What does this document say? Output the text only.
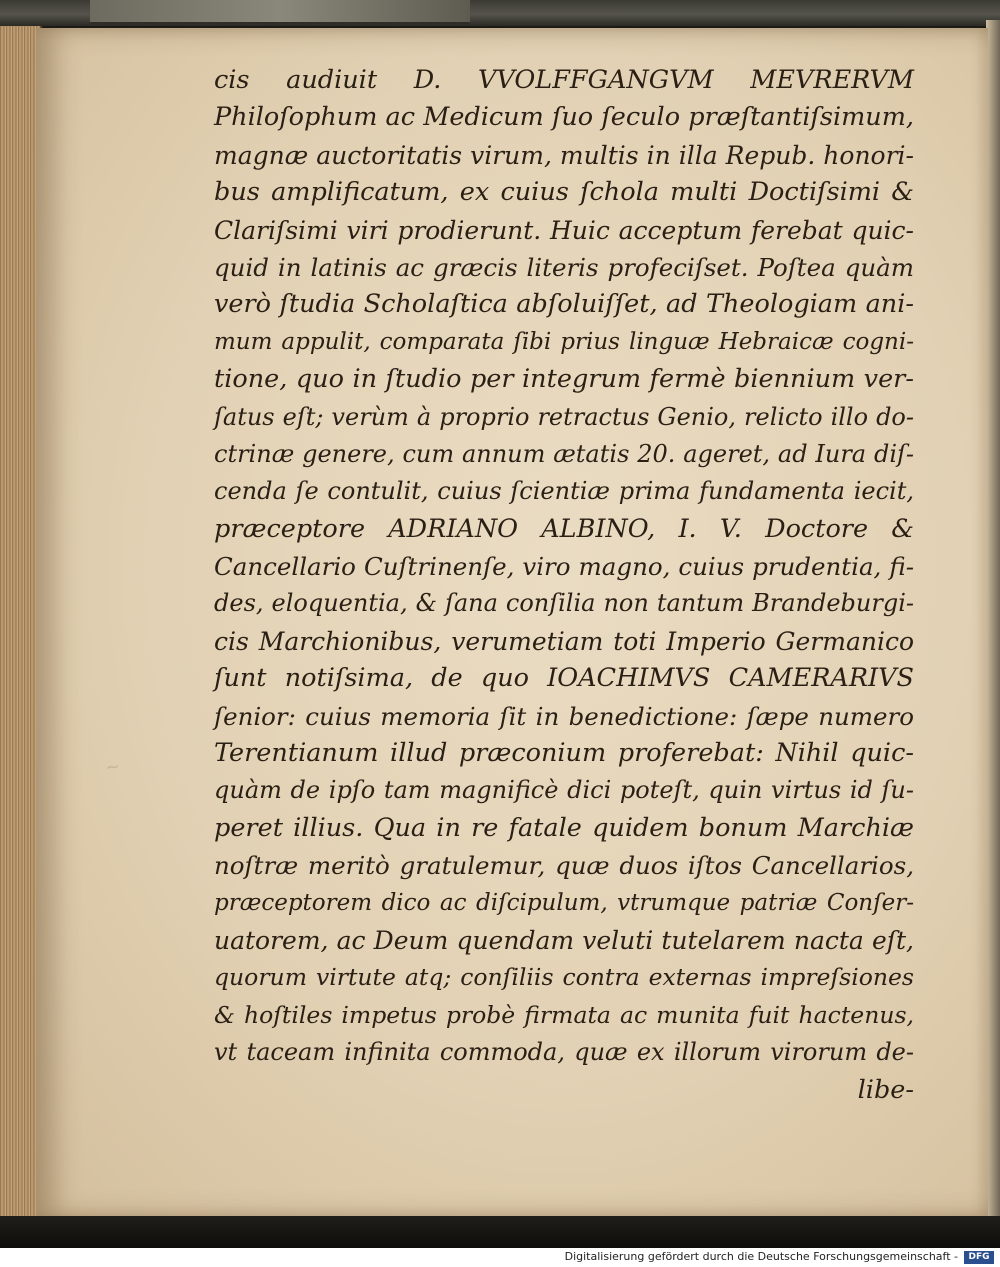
~
cis audiuit D. VVOLFFGANGVM MEVRERVM
Philoſophum ac Medicum ſuo ſeculo præſtantiſsimum,
magnæ auctoritatis virum, multis in illa Repub. honori-
bus amplificatum, ex cuius ſchola multi Doctiſsimi &
Clariſsimi viri prodierunt. Huic acceptum ferebat quic-
quid in latinis ac græcis literis profeciſset. Poſtea quàm
verò ſtudia Scholaſtica abſoluiſſet, ad Theologiam ani-
mum appulit, comparata ſibi prius linguæ Hebraicæ cogni-
tione, quo in ſtudio per integrum fermè biennium ver-
ſatus eſt; verùm à proprio retractus Genio, relicto illo do-
ctrinæ genere, cum annum ætatis 20. ageret, ad Iura diſ-
cenda ſe contulit, cuius ſcientiæ prima fundamenta iecit,
præceptore ADRIANO ALBINO, I. V. Doctore &
Cancellario Cuſtrinenſe, viro magno, cuius prudentia, fi-
des, eloquentia, & ſana conſilia non tantum Brandeburgi-
cis Marchionibus, verumetiam toti Imperio Germanico
ſunt notiſsima, de quo IOACHIMVS CAMERARIVS
ſenior: cuius memoria ſit in benedictione: ſæpe numero
Terentianum illud præconium proferebat: Nihil quic-
quàm de ipſo tam magnificè dici poteſt, quin virtus id ſu-
peret illius. Qua in re fatale quidem bonum Marchiæ
noſtræ meritò gratulemur, quæ duos iſtos Cancellarios,
præceptorem dico ac diſcipulum, vtrumque patriæ Conſer-
uatorem, ac Deum quendam veluti tutelarem nacta eſt,
quorum virtute atq; conſiliis contra externas impreſsiones
& hoſtiles impetus probè firmata ac munita fuit hactenus,
vt taceam infinita commoda, quæ ex illorum virorum de-
libe-
Digitalisierung gefördert durch die Deutsche Forschungsgemeinschaft -	DFG
